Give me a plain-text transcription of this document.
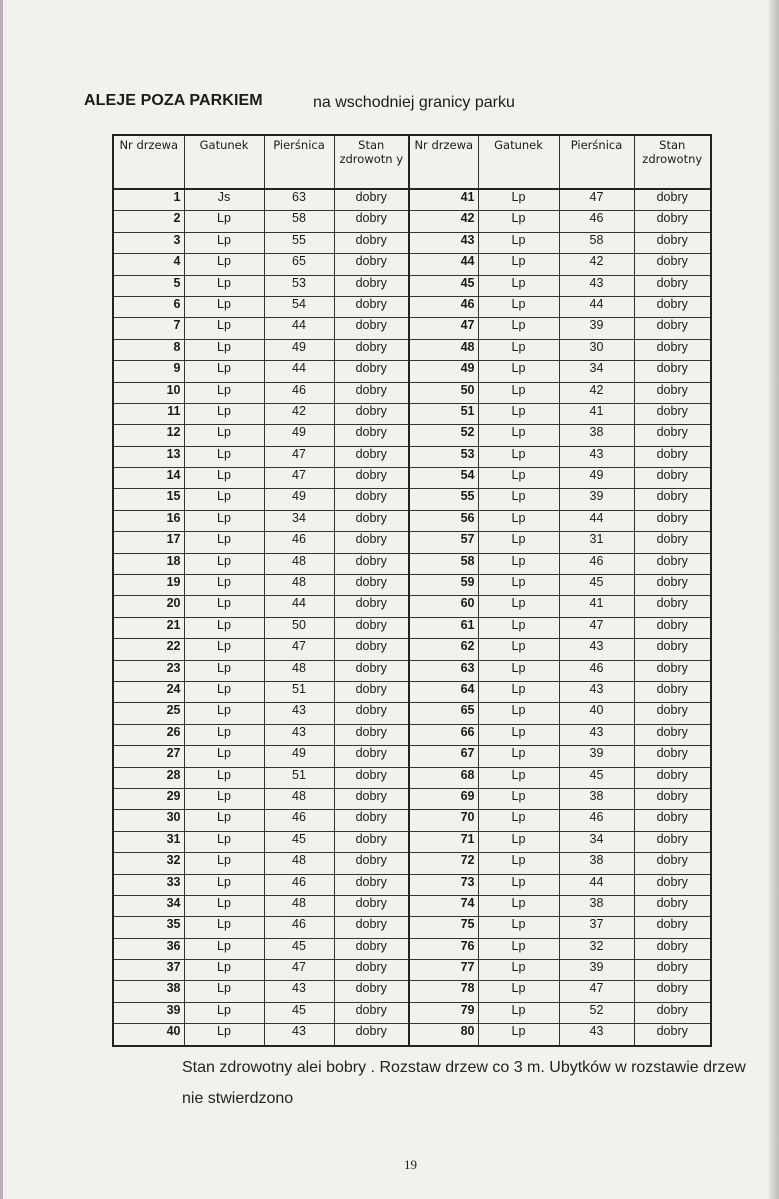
ALEJE POZA PARKIEM	na wschodniej granicy parku
Nr drzewa	Gatunek	Pierśnica	Stan zdrowotn y	Nr drzewa	Gatunek	Pierśnica	Stan zdrowotny
1	Js	63	dobry	41	Lp	47	dobry
2	Lp	58	dobry	42	Lp	46	dobry
3	Lp	55	dobry	43	Lp	58	dobry
4	Lp	65	dobry	44	Lp	42	dobry
5	Lp	53	dobry	45	Lp	43	dobry
6	Lp	54	dobry	46	Lp	44	dobry
7	Lp	44	dobry	47	Lp	39	dobry
8	Lp	49	dobry	48	Lp	30	dobry
9	Lp	44	dobry	49	Lp	34	dobry
10	Lp	46	dobry	50	Lp	42	dobry
11	Lp	42	dobry	51	Lp	41	dobry
12	Lp	49	dobry	52	Lp	38	dobry
13	Lp	47	dobry	53	Lp	43	dobry
14	Lp	47	dobry	54	Lp	49	dobry
15	Lp	49	dobry	55	Lp	39	dobry
16	Lp	34	dobry	56	Lp	44	dobry
17	Lp	46	dobry	57	Lp	31	dobry
18	Lp	48	dobry	58	Lp	46	dobry
19	Lp	48	dobry	59	Lp	45	dobry
20	Lp	44	dobry	60	Lp	41	dobry
21	Lp	50	dobry	61	Lp	47	dobry
22	Lp	47	dobry	62	Lp	43	dobry
23	Lp	48	dobry	63	Lp	46	dobry
24	Lp	51	dobry	64	Lp	43	dobry
25	Lp	43	dobry	65	Lp	40	dobry
26	Lp	43	dobry	66	Lp	43	dobry
27	Lp	49	dobry	67	Lp	39	dobry
28	Lp	51	dobry	68	Lp	45	dobry
29	Lp	48	dobry	69	Lp	38	dobry
30	Lp	46	dobry	70	Lp	46	dobry
31	Lp	45	dobry	71	Lp	34	dobry
32	Lp	48	dobry	72	Lp	38	dobry
33	Lp	46	dobry	73	Lp	44	dobry
34	Lp	48	dobry	74	Lp	38	dobry
35	Lp	46	dobry	75	Lp	37	dobry
36	Lp	45	dobry	76	Lp	32	dobry
37	Lp	47	dobry	77	Lp	39	dobry
38	Lp	43	dobry	78	Lp	47	dobry
39	Lp	45	dobry	79	Lp	52	dobry
40	Lp	43	dobry	80	Lp	43	dobry
Stan zdrowotny alei bobry . Rozstaw drzew co 3 m. Ubytków w rozstawie drzew nie stwierdzono
19
